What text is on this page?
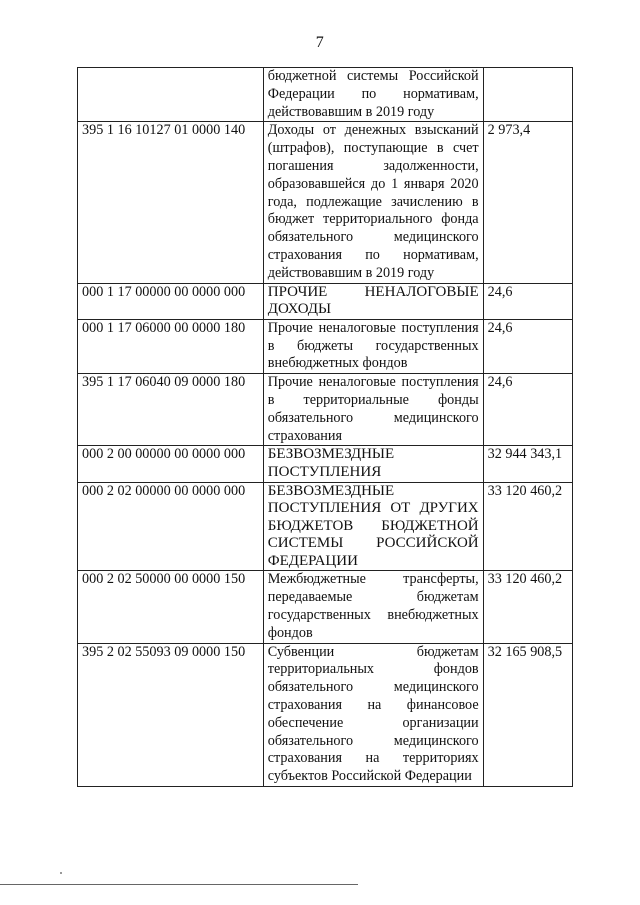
7
	бюджетной системы Российской Федерации по нормативам, действовавшим в 2019 году	
395 1 16 10127 01 0000 140	Доходы от денежных взысканий (штрафов), поступающие в счет погашения задолженности, образовавшейся до 1 января 2020 года, подлежащие зачислению в бюджет территориального фонда обязательного медицинского страхования по нормативам, действовавшим в 2019 году	2 973,4
000 1 17 00000 00 0000 000	ПРОЧИЕ НЕНАЛОГОВЫЕ ДОХОДЫ	24,6
000 1 17 06000 00 0000 180	Прочие неналоговые поступления в бюджеты государственных внебюджетных фондов	24,6
395 1 17 06040 09 0000 180	Прочие неналоговые поступления в территориальные фонды обязательного медицинского страхования	24,6
000 2 00 00000 00 0000 000	БЕЗВОЗМЕЗДНЫЕ ПОСТУПЛЕНИЯ	32 944 343,1
000 2 02 00000 00 0000 000	БЕЗВОЗМЕЗДНЫЕ ПОСТУПЛЕНИЯ ОТ ДРУГИХ БЮДЖЕТОВ БЮДЖЕТНОЙ СИСТЕМЫ РОССИЙСКОЙ ФЕДЕРАЦИИ	33 120 460,2
000 2 02 50000 00 0000 150	Межбюджетные трансферты, передаваемые бюджетам государственных внебюджетных фондов	33 120 460,2
395 2 02 55093 09 0000 150	Субвенции бюджетам территориальных фондов обязательного медицинского страхования на финансовое обеспечение организации обязательного медицинского страхования на территориях субъектов Российской Федерации	32 165 908,5
